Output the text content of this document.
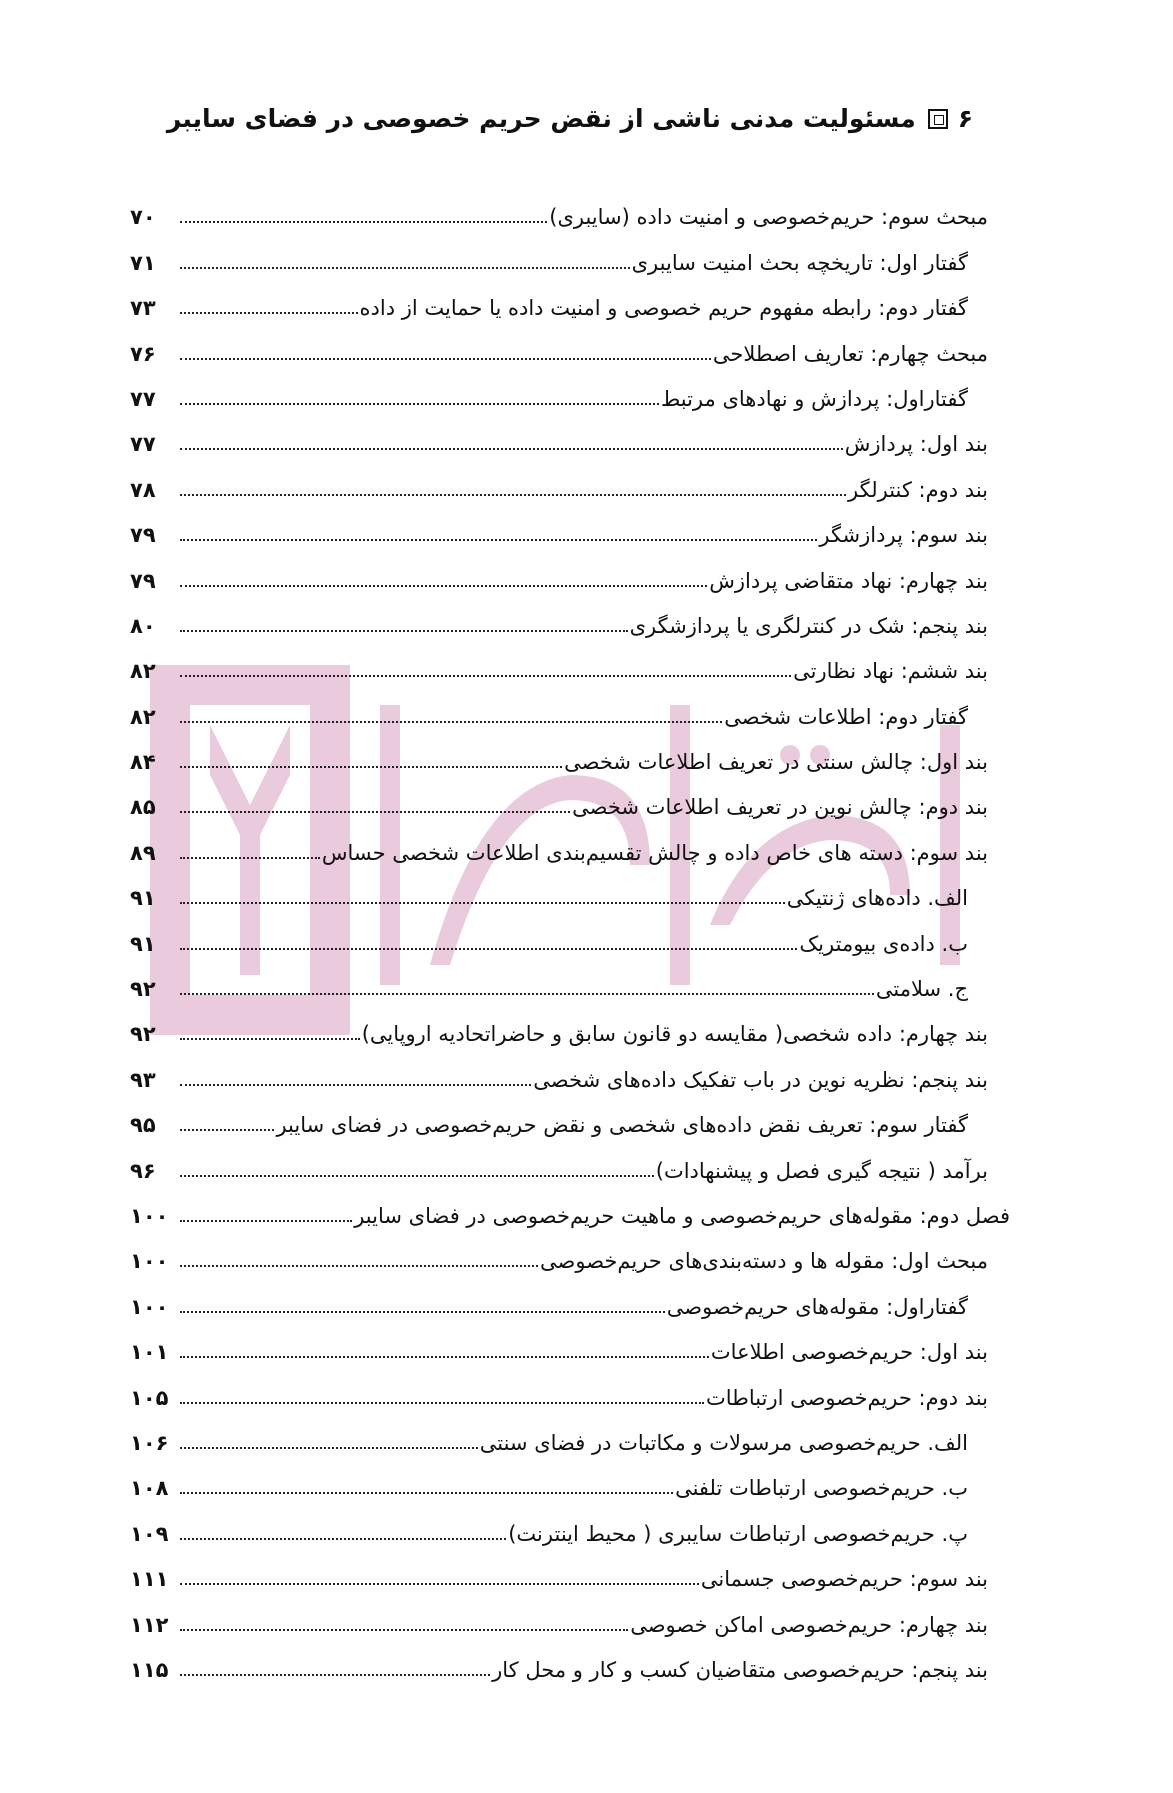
۶
مسئولیت مدنی ناشی از نقض حریم خصوصی در فضای سایبر
مبحث سوم: حریم‌خصوصی و امنیت داده (سایبری)
۷۰
گفتار اول: تاریخچه بحث امنیت سایبری
۷۱
گفتار دوم: رابطه مفهوم حریم خصوصی و امنیت داده یا حمایت از داده
۷۳
مبحث چهارم: تعاریف اصطلاحی
۷۶
گفتاراول: پردازش و نهادهای مرتبط
۷۷
بند اول: پردازش
۷۷
بند دوم: کنترلگر
۷۸
بند سوم: پردازشگر
۷۹
بند چهارم: نهاد متقاضی پردازش
۷۹
بند پنجم: شک در کنترلگری یا پردازشگری
۸۰
بند ششم: نهاد نظارتی
۸۲
گفتار دوم: اطلاعات شخصی
۸۲
بند اول: چالش سنتی در تعریف اطلاعات شخصی
۸۴
بند دوم: چالش نوین در تعریف اطلاعات شخصی
۸۵
بند سوم: دسته های خاص داده و چالش تقسیم‌بندی اطلاعات شخصی حساس
۸۹
الف. داده‌های ژنتیکی
۹۱
ب. داده‌ی بیومتریک
۹۱
ج. سلامتی
۹۲
بند چهارم: داده شخصی( مقایسه دو قانون سابق و حاضراتحادیه اروپایی)
۹۲
بند پنجم: نظریه نوین در باب تفکیک داده‌های شخصی
۹۳
گفتار سوم: تعریف نقض داده‌های شخصی و نقض حریم‌خصوصی در فضای سایبر
۹۵
برآمد ( نتیجه گیری فصل و پیشنهادات)
۹۶
فصل دوم: مقوله‌های حریم‌خصوصی و ماهیت حریم‌خصوصی در فضای سایبر
۱۰۰
مبحث اول: مقوله ها و دسته‌بندی‌های حریم‌خصوصی
۱۰۰
گفتاراول: مقوله‌های حریم‌خصوصی
۱۰۰
بند اول: حریم‌خصوصی اطلاعات
۱۰۱
بند دوم: حریم‌خصوصی ارتباطات
۱۰۵
الف. حریم‌خصوصی مرسولات و مکاتبات در فضای سنتی
۱۰۶
ب. حریم‌خصوصی ارتباطات تلفنی
۱۰۸
پ. حریم‌خصوصی ارتباطات سایبری ( محیط اینترنت)
۱۰۹
بند سوم: حریم‌خصوصی جسمانی
۱۱۱
بند چهارم: حریم‌خصوصی اماکن خصوصی
۱۱۲
بند پنجم: حریم‌خصوصی متقاضیان کسب و کار و محل کار
۱۱۵
